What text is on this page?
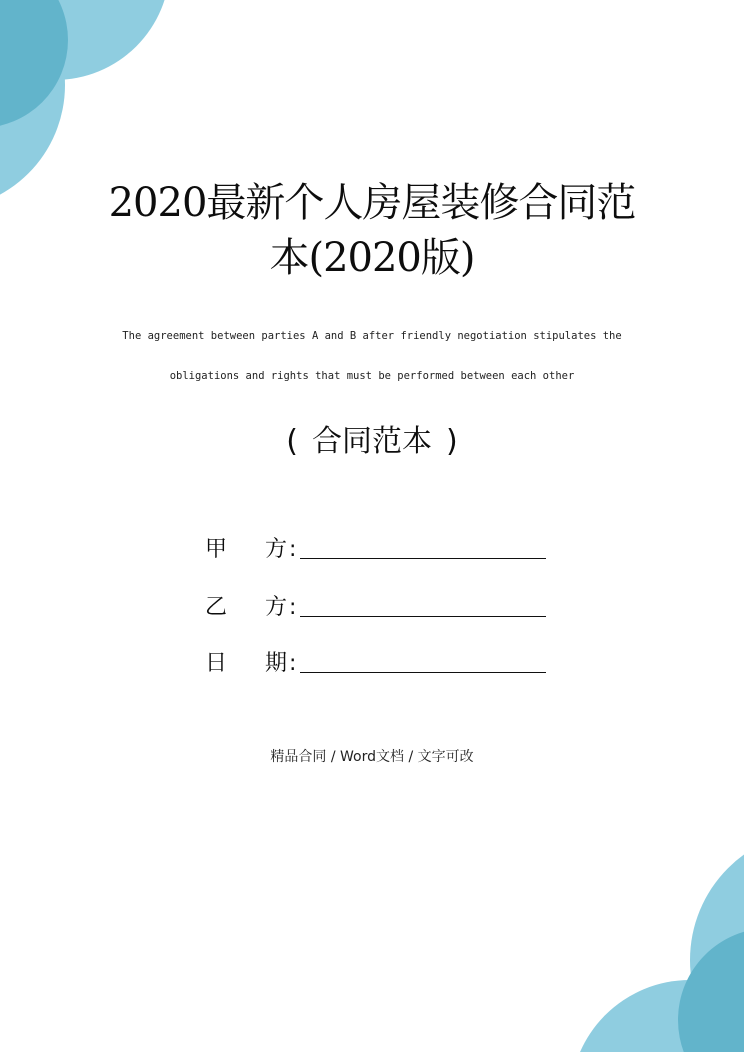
2020最新个人房屋装修合同范
本(2020版)
The agreement between parties A and B after friendly negotiation stipulates the
obligations and rights that must be performed between each other
( 合同范本 )
甲 方 :
乙 方 :
日 期 :
精品合同 / Word文档 / 文字可改
